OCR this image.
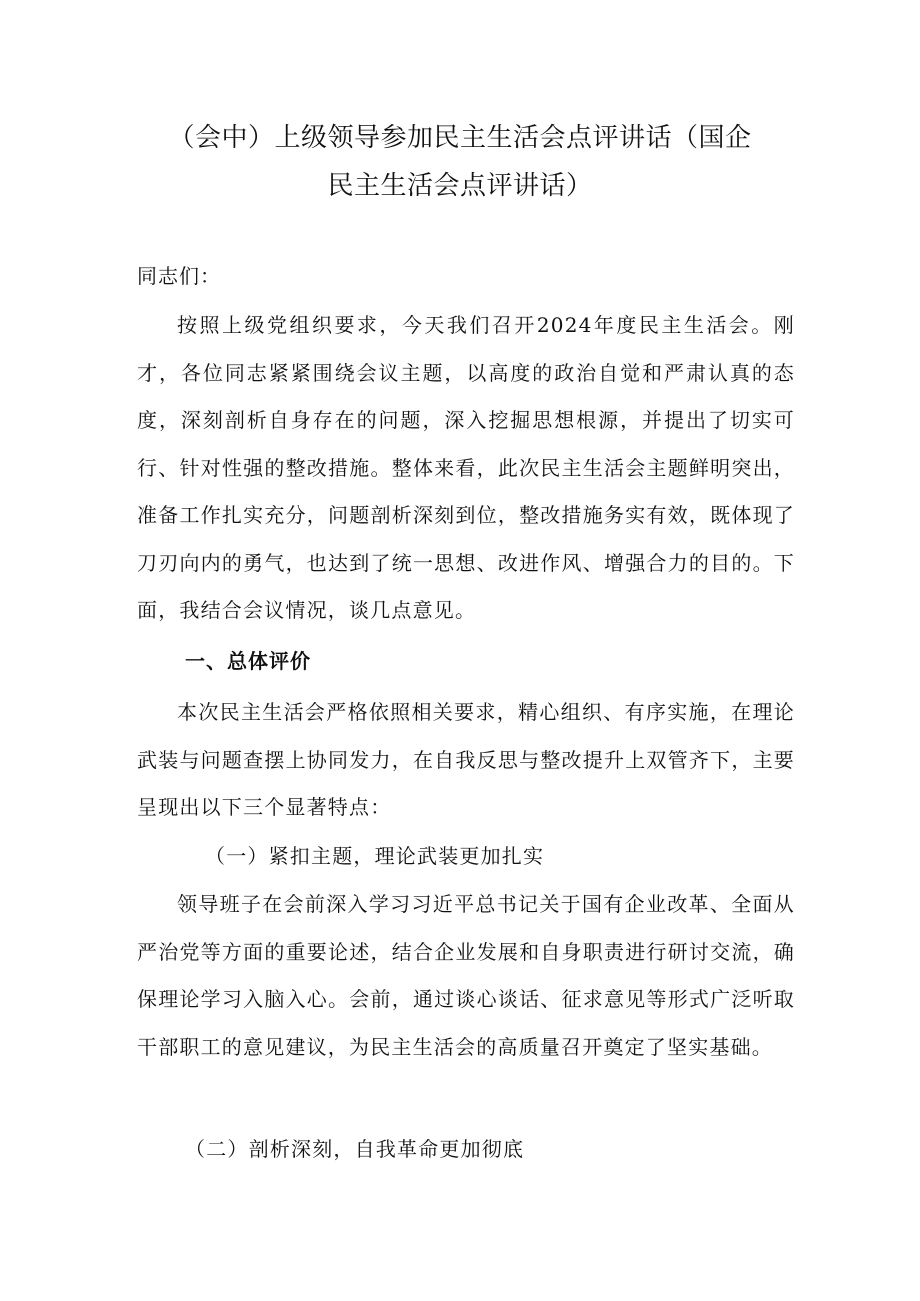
（会中）上级领导参加民主生活会点评讲话（国企
民主生活会点评讲话）

同志们：

按照上级党组织要求，今天我们召开2024年度民主生活会。刚才，各位同志紧紧围绕会议主题，以高度的政治自觉和严肃认真的态度，深刻剖析自身存在的问题，深入挖掘思想根源，并提出了切实可行、针对性强的整改措施。整体来看，此次民主生活会主题鲜明突出，准备工作扎实充分，问题剖析深刻到位，整改措施务实有效，既体现了刀刃向内的勇气，也达到了统一思想、改进作风、增强合力的目的。下面，我结合会议情况，谈几点意见。

一、总体评价

本次民主生活会严格依照相关要求，精心组织、有序实施，在理论武装与问题查摆上协同发力，在自我反思与整改提升上双管齐下，主要呈现出以下三个显著特点：

（一）紧扣主题，理论武装更加扎实

领导班子在会前深入学习习近平总书记关于国有企业改革、全面从严治党等方面的重要论述，结合企业发展和自身职责进行研讨交流，确保理论学习入脑入心。会前，通过谈心谈话、征求意见等形式广泛听取干部职工的意见建议，为民主生活会的高质量召开奠定了坚实基础。

（二）剖析深刻，自我革命更加彻底
